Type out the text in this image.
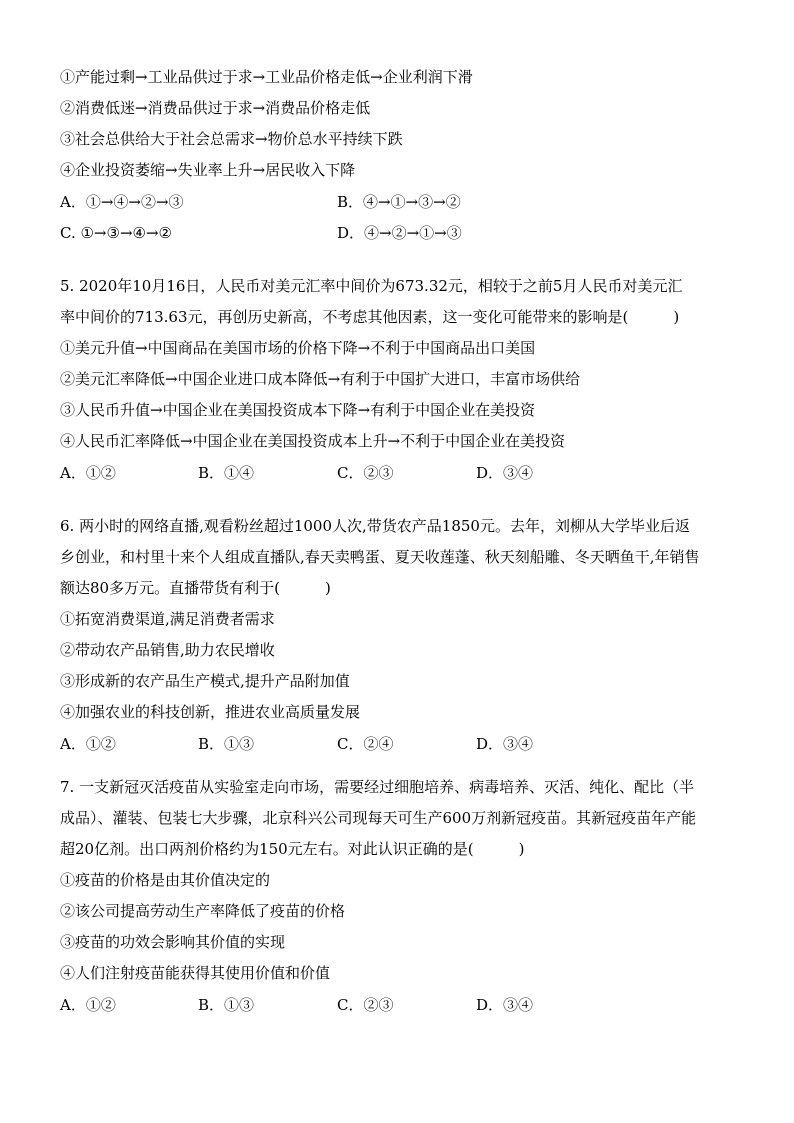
①产能过剩→工业品供过于求→工业品价格走低→企业利润下滑
②消费低迷→消费品供过于求→消费品价格走低
③社会总供给大于社会总需求→物价总水平持续下跌
④企业投资萎缩→失业率上升→居民收入下降
A．①→④→②→③	B．④→①→③→②
C. ①→③→④→②	D．④→②→①→③
5. 2020年10月16日，人民币对美元汇率中间价为673.32元，相较于之前5月人民币对美元汇
率中间价的713.63元，再创历史新高，不考虑其他因素，这一变化可能带来的影响是(　　　)
①美元升值→中国商品在美国市场的价格下降→不利于中国商品出口美国
②美元汇率降低→中国企业进口成本降低→有利于中国扩大进口，丰富市场供给
③人民币升值→中国企业在美国投资成本下降→有利于中国企业在美投资
④人民币汇率降低→中国企业在美国投资成本上升→不利于中国企业在美投资
A．①②	B．①④	C．②③	D．③④
6. 两小时的网络直播,观看粉丝超过1000人次,带货农产品1850元。去年，刘柳从大学毕业后返
乡创业，和村里十来个人组成直播队,春天卖鸭蛋、夏天收莲蓬、秋天刻船雕、冬天晒鱼干,年销售
额达80多万元。直播带货有利于(　　　)
①拓宽消费渠道,满足消费者需求
②带动农产品销售,助力农民增收
③形成新的农产品生产模式,提升产品附加值
④加强农业的科技创新，推进农业高质量发展
A．①②	B．①③	C．②④	D．③④
7. 一支新冠灭活疫苗从实验室走向市场，需要经过细胞培养、病毒培养、灭活、纯化、配比（半
成品）、灌装、包装七大步骤，北京科兴公司现每天可生产600万剂新冠疫苗。其新冠疫苗年产能
超20亿剂。出口两剂价格约为150元左右。对此认识正确的是(　　　)
①疫苗的价格是由其价值决定的
②该公司提高劳动生产率降低了疫苗的价格
③疫苗的功效会影响其价值的实现
④人们注射疫苗能获得其使用价值和价值
A．①②	B．①③	C．②③	D．③④
